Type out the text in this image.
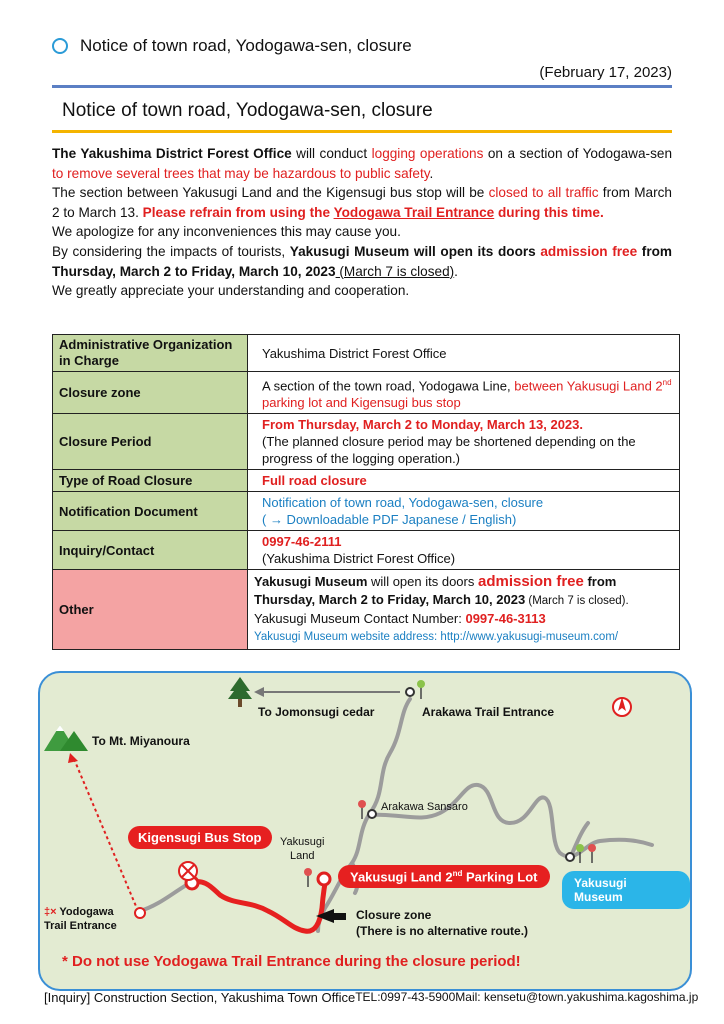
Notice of town road, Yodogawa-sen, closure
(February 17, 2023)
Notice of town road, Yodogawa-sen, closure

The Yakushima District Forest Office will conduct logging operations on a section of Yodogawa-sen to remove several trees that may be hazardous to public safety.

The section between Yakusugi Land and the Kigensugi bus stop will be closed to all traffic from March 2 to March 13. Please refrain from using the Yodogawa Trail Entrance during this time.

We apologize for any inconveniences this may cause you.

By considering the impacts of tourists, Yakusugi Museum will open its doors admission free from Thursday, March 2 to Friday, March 10, 2023 (March 7 is closed).

We greatly appreciate your understanding and cooperation.

Administrative Organization in Charge	Yakushima District Forest Office
Closure zone	A section of the town road, Yodogawa Line, between Yakusugi Land 2nd parking lot and Kigensugi bus stop
Closure Period	From Thursday, March 2 to Monday, March 13, 2023.
(The planned closure period may be shortened depending on the progress of the logging operation.)

Type of Road Closure	Full road closure
Notification Document	Notification of town road, Yodogawa-sen, closure
( → Downloadable PDF Japanese / English)

Inquiry/Contact	0997-46-2111
(Yakushima District Forest Office)

Other	Yakusugi Museum will open its doors admission free from
Thursday, March 2 to Friday, March 10, 2023 (March 7 is closed).
Yakusugi Museum Contact Number: 0997-46-3113
Yakusugi Museum website address: http://www.yakusugi-museum.com/
To Jomonsugi cedar	Arakawa Trail Entrance
To Mt. Miyanoura
Arakawa Sansaro
Kigensugi Bus Stop	Yakusugi
Land
Yakusugi Land 2nd Parking Lot	Yakusugi Museum
‡× Yodogawa
Trail Entrance
Closure zone
(There is no alternative route.)
* Do not use Yodogawa Trail Entrance during the closure period!
[Inquiry] Construction Section, Yakushima Town Office TEL:0997-43-5900 Mail: kensetu@town.yakushima.kagoshima.jp
